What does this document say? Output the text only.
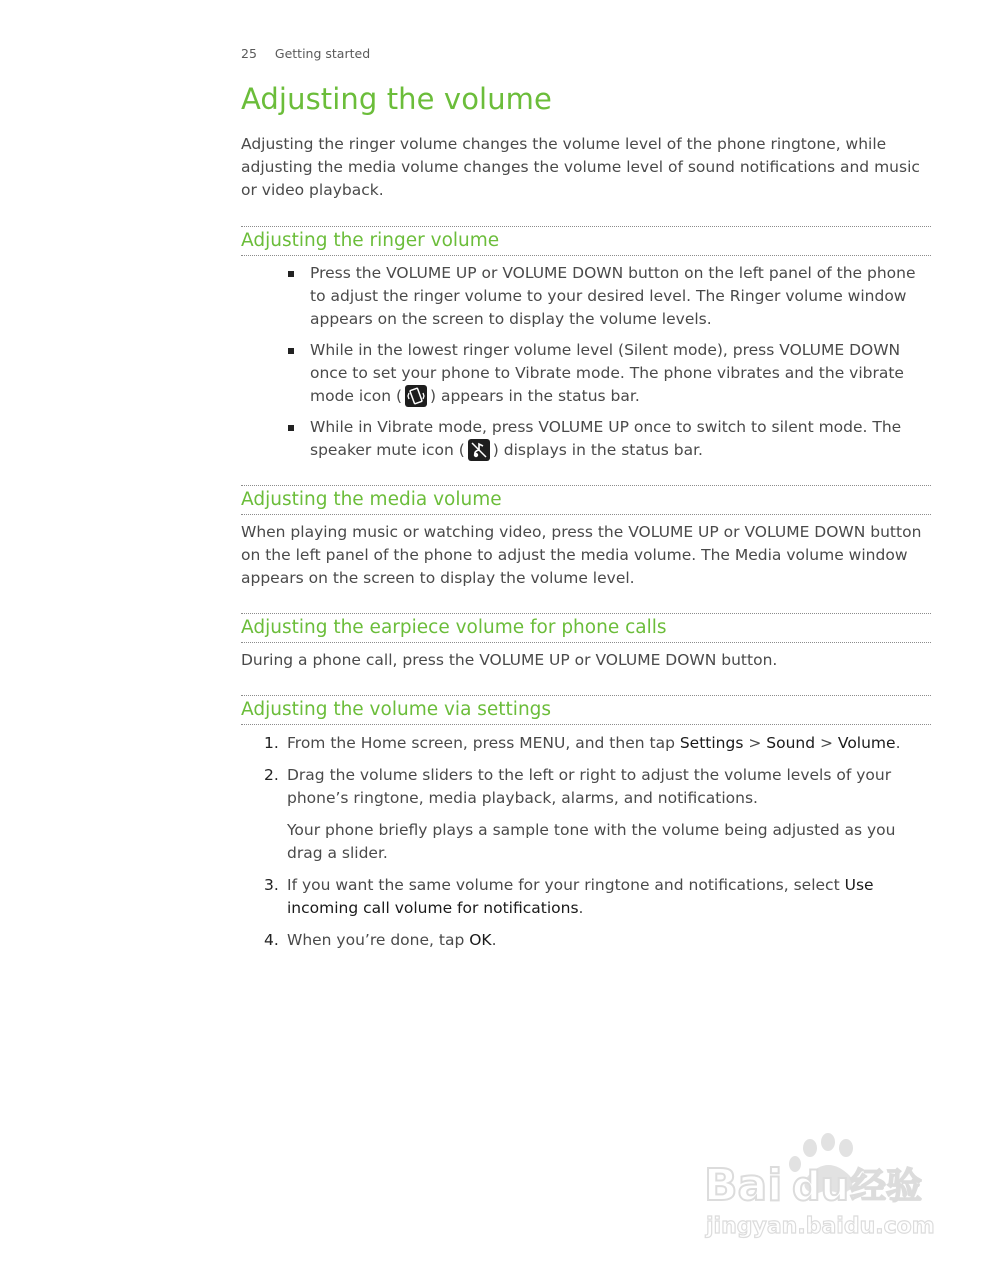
25 Getting started
Adjusting the volume

Adjusting the ringer volume changes the volume level of the phone ringtone, while adjusting the media volume changes the volume level of sound notifications and music or video playback.

Adjusting the ringer volume
Press the VOLUME UP or VOLUME DOWN button on the left panel of the phone to adjust the ringer volume to your desired level. The Ringer volume window appears on the screen to display the volume levels.
While in the lowest ringer volume level (Silent mode), press VOLUME DOWN once to set your phone to Vibrate mode. The phone vibrates and the vibrate mode icon ( ) appears in the status bar.
While in Vibrate mode, press VOLUME UP once to switch to silent mode. The speaker mute icon ( ) displays in the status bar.
Adjusting the media volume

When playing music or watching video, press the VOLUME UP or VOLUME DOWN button on the left panel of the phone to adjust the media volume. The Media volume window appears on the screen to display the volume level.

Adjusting the earpiece volume for phone calls

During a phone call, press the VOLUME UP or VOLUME DOWN button.

Adjusting the volume via settings
1. From the Home screen, press MENU, and then tap Settings > Sound > Volume.
2. Drag the volume sliders to the left or right to adjust the volume levels of your phone’s ringtone, media playback, alarms, and notifications.

Your phone briefly plays a sample tone with the volume being adjusted as you drag a slider.

3. If you want the same volume for your ringtone and notifications, select Use incoming call volume for notifications.
4. When you’re done, tap OK.
Bai du 经验
jingyan.baidu.com
